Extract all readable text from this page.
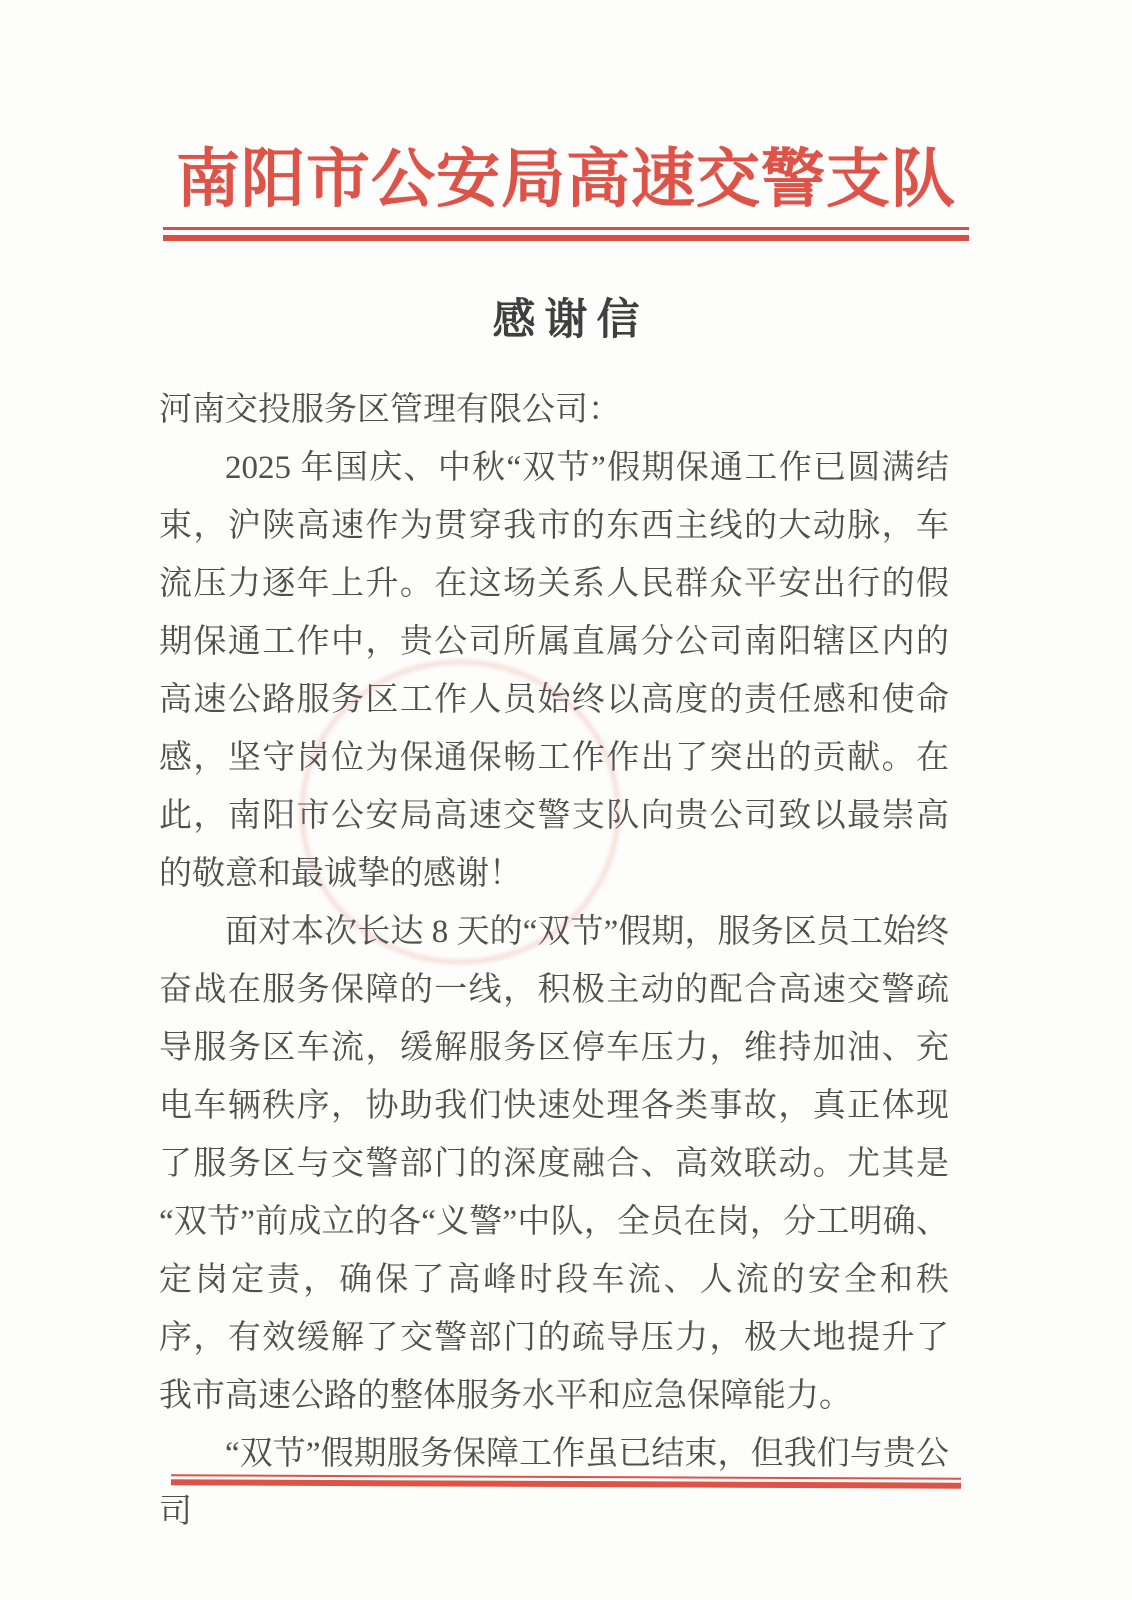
南阳市公安局高速交警支队
感谢信

河南交投服务区管理有限公司：

2025 年国庆、中秋“双节”假期保通工作已圆满结束，沪陕高速作为贯穿我市的东西主线的大动脉，车流压力逐年上升。在这场关系人民群众平安出行的假期保通工作中，贵公司所属直属分公司南阳辖区内的高速公路服务区工作人员始终以高度的责任感和使命感，坚守岗位为保通保畅工作作出了突出的贡献。在此，南阳市公安局高速交警支队向贵公司致以最崇高的敬意和最诚挚的感谢！

面对本次长达 8 天的“双节”假期，服务区员工始终奋战在服务保障的一线，积极主动的配合高速交警疏导服务区车流，缓解服务区停车压力，维持加油、充电车辆秩序，协助我们快速处理各类事故，真正体现了服务区与交警部门的深度融合、高效联动。尤其是“双节”前成立的各“义警”中队，全员在岗，分工明确、定岗定责，确保了高峰时段车流、人流的安全和秩序，有效缓解了交警部门的疏导压力，极大地提升了我市高速公路的整体服务水平和应急保障能力。

“双节”假期服务保障工作虽已结束，但我们与贵公司
